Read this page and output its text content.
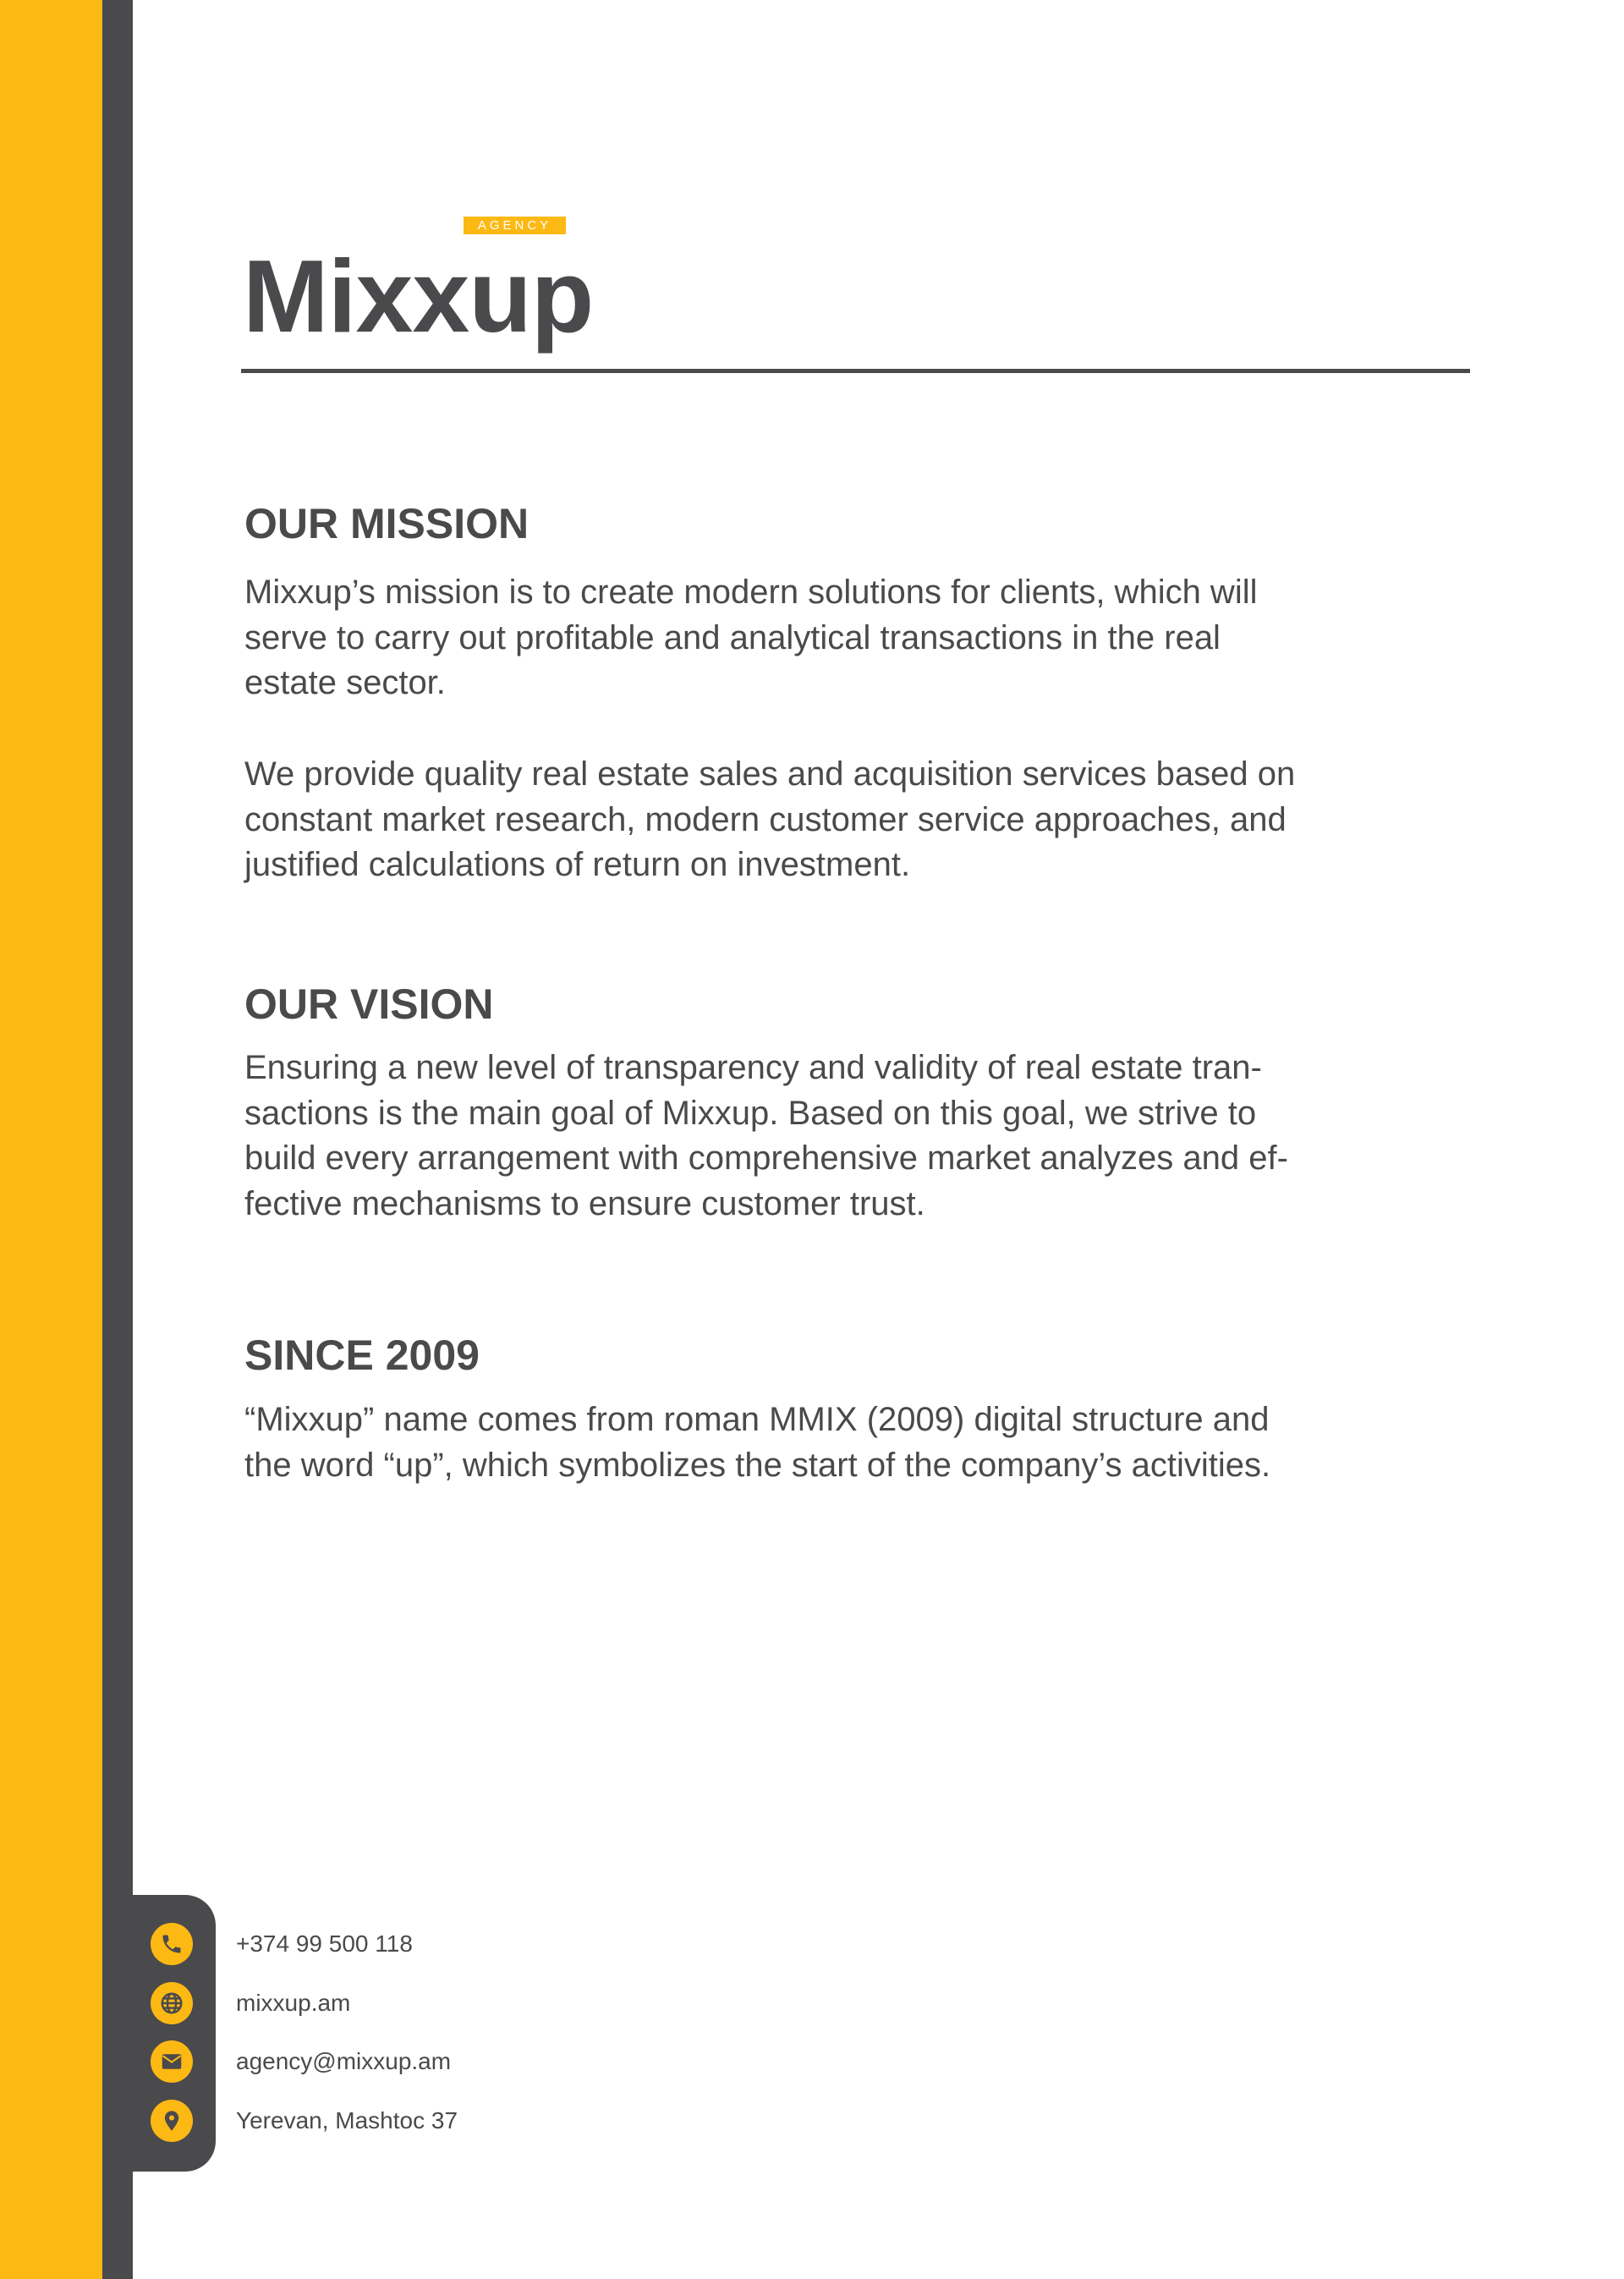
AGENCY
Mixxup
OUR MISSION
Mixxup’s mission is to create modern solutions for clients, which will
serve to carry out profitable and analytical transactions in the real
estate sector.
We provide quality real estate sales and acquisition services based on
constant market research, modern customer service approaches, and
justified calculations of return on investment.
OUR VISION
Ensuring a new level of transparency and validity of real estate tran-
sactions is the main goal of Mixxup. Based on this goal, we strive to
build every arrangement with comprehensive market analyzes and ef-
fective mechanisms to ensure customer trust.
SINCE 2009
“Mixxup” name comes from roman MMIX (2009) digital structure and
the word “up”, which symbolizes the start of the company’s activities.
+374 99 500 118
mixxup.am
agency@mixxup.am
Yerevan, Mashtoc 37
